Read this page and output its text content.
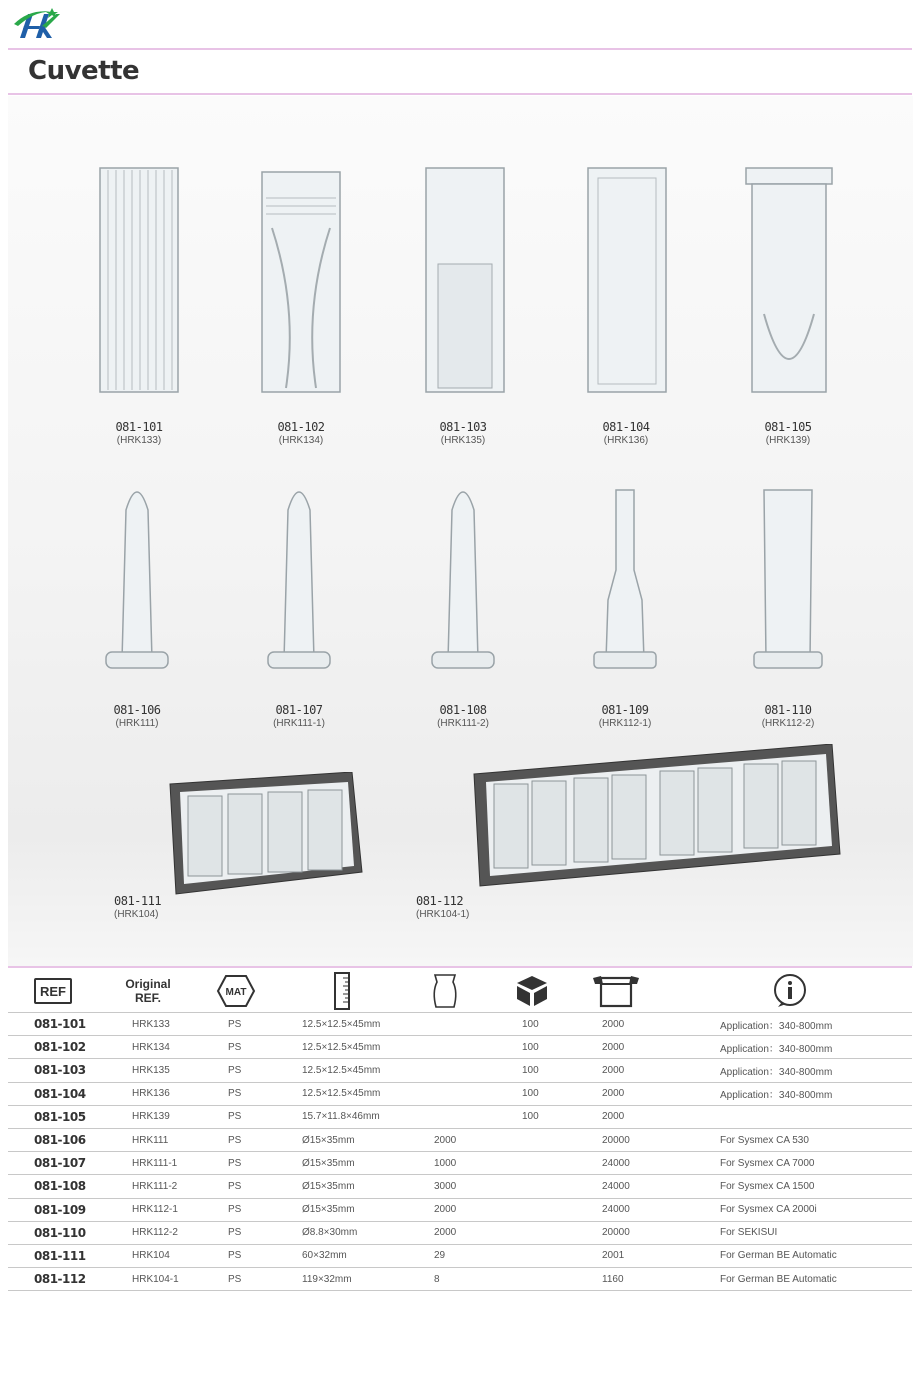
Cuvette
081-101
(HRK133)
081-102
(HRK134)
081-103
(HRK135)
081-104
(HRK136)
081-105
(HRK139)
081-106
(HRK111)
081-107
(HRK111-1)
081-108
(HRK111-2)
081-109
(HRK112-1)
081-110
(HRK112-2)
081-111
(HRK104)
081-112
(HRK104-1)
REF	Original REF.	MAT
081-101	HRK133	PS	12.5×12.5×45mm		100	2000	Application：340-800mm
081-102	HRK134	PS	12.5×12.5×45mm		100	2000	Application：340-800mm
081-103	HRK135	PS	12.5×12.5×45mm		100	2000	Application：340-800mm
081-104	HRK136	PS	12.5×12.5×45mm		100	2000	Application：340-800mm
081-105	HRK139	PS	15.7×11.8×46mm		100	2000	
081-106	HRK111	PS	Ø15×35mm	2000		20000	For Sysmex CA 530
081-107	HRK111-1	PS	Ø15×35mm	1000		24000	For Sysmex CA 7000
081-108	HRK111-2	PS	Ø15×35mm	3000		24000	For Sysmex CA 1500
081-109	HRK112-1	PS	Ø15×35mm	2000		24000	For Sysmex CA 2000i
081-110	HRK112-2	PS	Ø8.8×30mm	2000		20000	For SEKISUI
081-111	HRK104	PS	60×32mm	29		2001	For German BE Automatic
081-112	HRK104-1	PS	119×32mm	8		1160	For German BE Automatic
